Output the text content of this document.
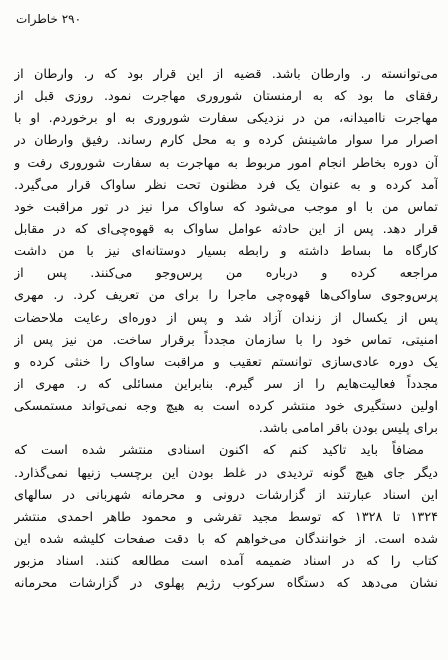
۲۹۰ خاطرات
می‌توانسته ر. وارطان باشد. قضیه از این قرار بود که ر. وارطان از
رفقای ما بود که به ارمنستان شوروری مهاجرت نمود. روزی قبل از
مهاجرت ناامیدانه، من در نزدیکی سفارت شوروری به او برخوردم. او با
اصرار مرا سوار ماشینش کرده و به محل کارم رساند. رفیق وارطان در
آن دوره بخاطر انجام امور مربوط به مهاجرت به سفارت شوروری رفت و
آمد کرده و به عنوان یک فرد مظنون تحت نظر ساواک قرار می‌گیرد.
تماس من با او موجب می‌شود که ساواک مرا نیز در تور مراقبت خود
قرار دهد. پس از این حادثه عوامل ساواک به قهوه‌چی‌ای که در مقابل
کارگاه ما بساط داشته و رابطه بسیار دوستانه‌ای نیز با من داشت
مراجعه کرده و درباره من پرس‌وجو می‌کنند. پس از
پرس‌وجوی ساواکی‌ها قهوه‌چی ماجرا را برای من تعریف کرد. ر. مهری
پس از یکسال از زندان آزاد شد و پس از دوره‌ای رعایت ملاحضات
امنیتی، تماس خود را با سازمان مجدداً برقرار ساخت. من نیز پس از
یک دوره عادی‌سازی توانستم تعقیب و مراقبت ساواک را خنثی کرده و
مجدداً فعالیت‌هایم را از سر گیرم. بنابراین مسائلی که ر. مهری از
اولین دستگیری خود منتشر کرده است به هیچ وجه نمی‌تواند مستمسکی
برای پلیس بودن باقر امامی باشد.
مضافاً باید تاکید کنم که اکنون اسنادی منتشر شده است که
دیگر جای هیچ گونه تردیدی در غلط بودن این برچسب زنیها نمی‌گذارد.
این اسناد عبارتند از گزارشات درونی و محرمانه شهربانی در سالهای
۱۳۲۴ تا ۱۳۲۸ که توسط مجید تفرشی و محمود طاهر احمدی منتشر
شده است. از خوانندگان می‌خواهم که با دقت صفحات کلیشه شده این
کتاب را که در اسناد ضمیمه آمده است مطالعه کنند. اسناد مزبور
نشان می‌دهد که دستگاه سرکوب رژیم پهلوی در گزارشات محرمانه
